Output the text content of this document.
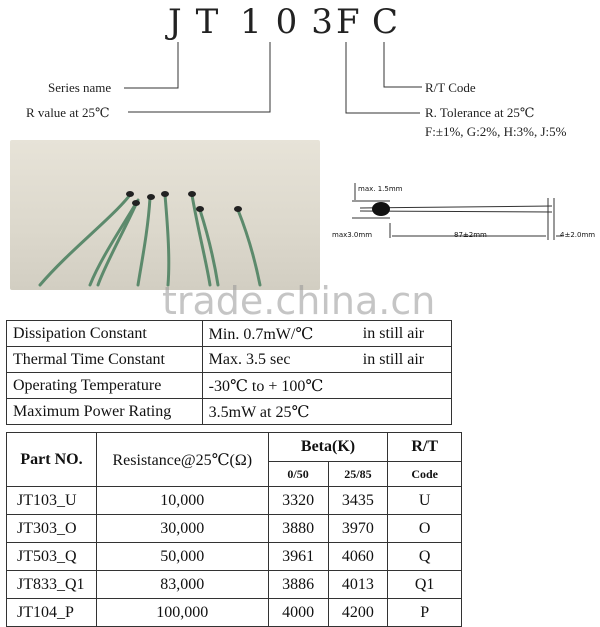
JT 103
F
C
Series name
R value at 25℃
R/T Code
R. Tolerance at 25℃
F:±1%, G:2%, H:3%, J:5%
max. 1.5mm
max3.0mm	87±2mm	4±2.0mm
trade.china.cn
Dissipation Constant	Min. 0.7mW/℃	in still air
Thermal Time Constant	Max. 3.5 sec	in still air
Operating Temperature	-30℃ to + 100℃	
Maximum Power Rating	3.5mW at 25℃	
Part NO.	Resistance@25℃(Ω)	Beta(K)		R/T
		0/50	25/85	Code
JT103_U	10,000	3320	3435	U
JT303_O	30,000	3880	3970	O
JT503_Q	50,000	3961	4060	Q
JT833_Q1	83,000	3886	4013	Q1
JT104_P	100,000	4000	4200	P
